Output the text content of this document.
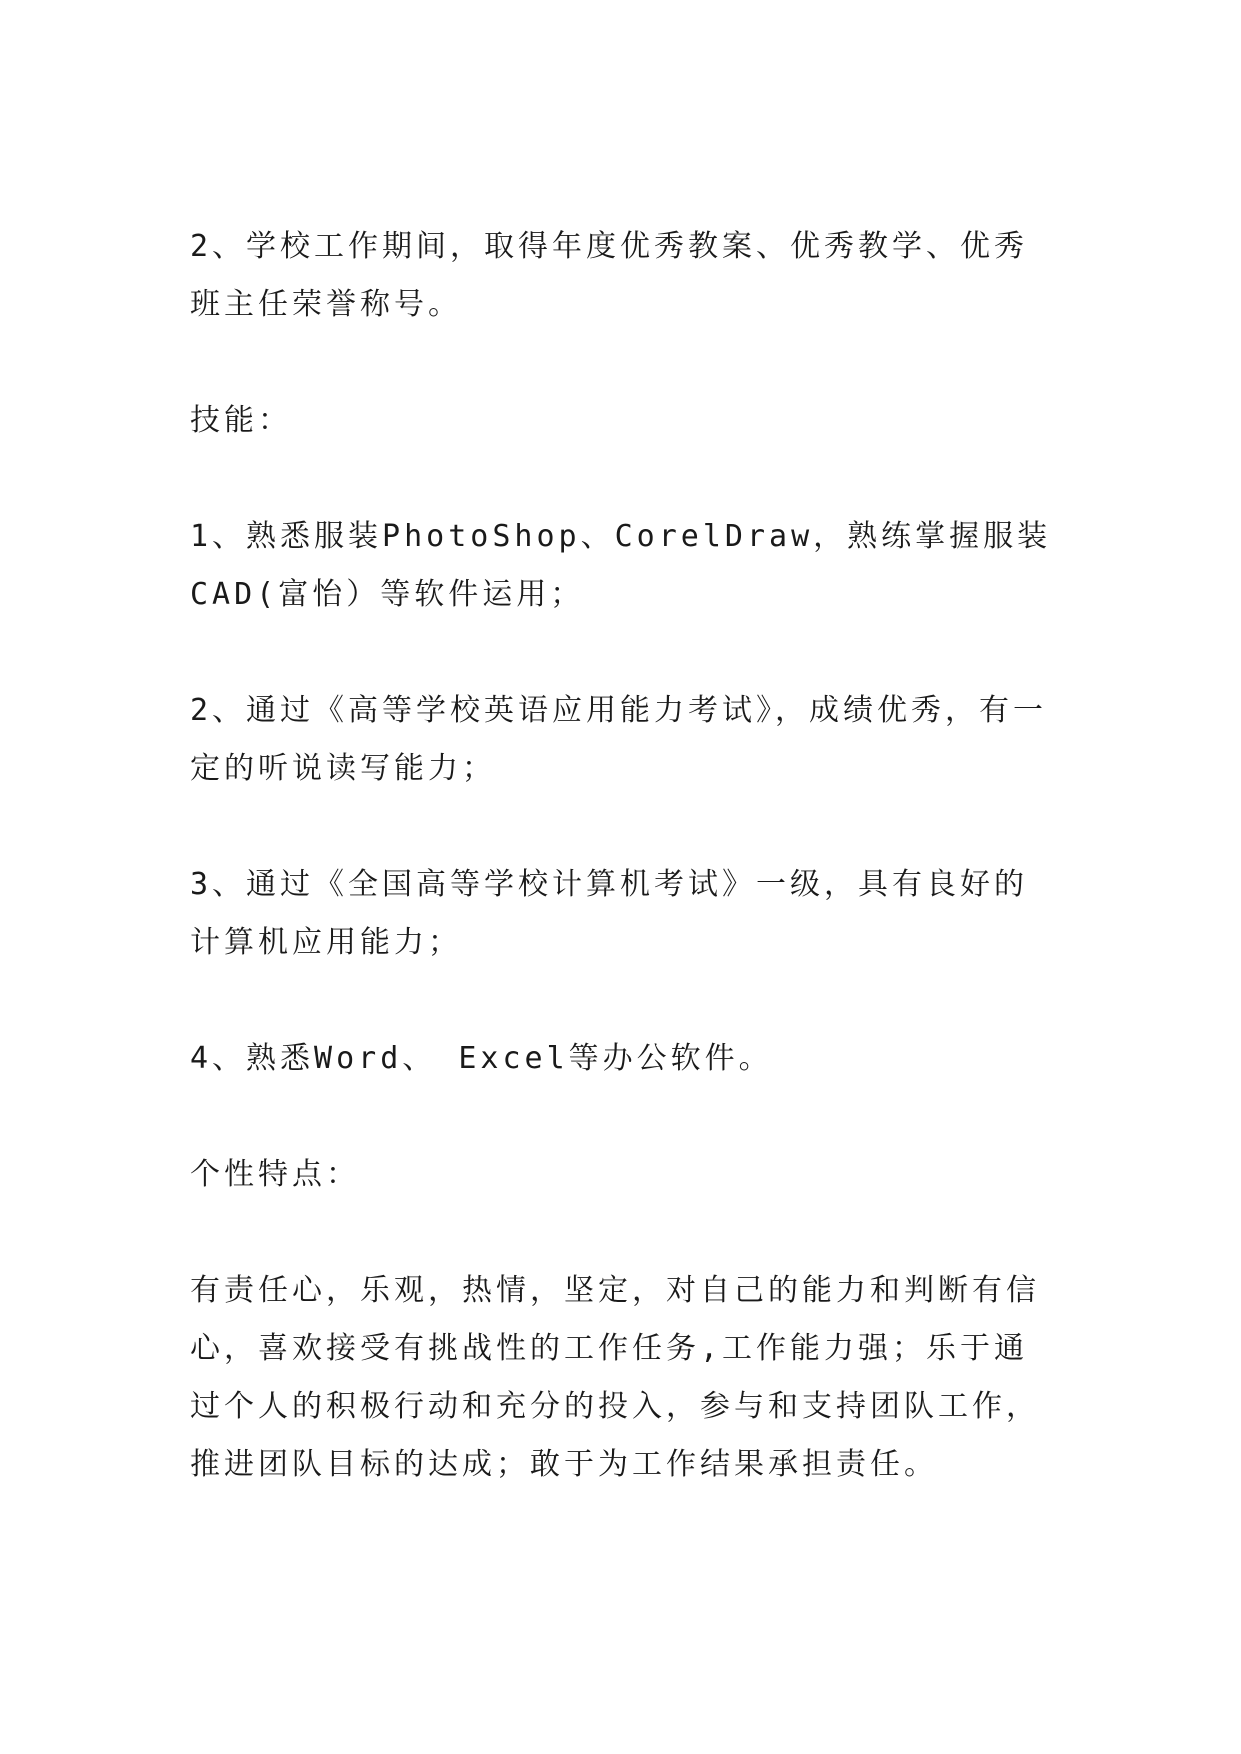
2、学校工作期间，取得年度优秀教案、优秀教学、优秀班主任荣誉称号。

技能：

1、熟悉服装PhotoShop、CorelDraw，熟练掌握服装CAD(富怡）等软件运用；

2、通过《高等学校英语应用能力考试》，成绩优秀，有一定的听说读写能力；

3、通过《全国高等学校计算机考试》一级，具有良好的计算机应用能力；

4、熟悉Word、 Excel等办公软件。

个性特点：

有责任心，乐观，热情，坚定，对自己的能力和判断有信心，喜欢接受有挑战性的工作任务,工作能力强；乐于通过个人的积极行动和充分的投入，参与和支持团队工作，推进团队目标的达成；敢于为工作结果承担责任。
